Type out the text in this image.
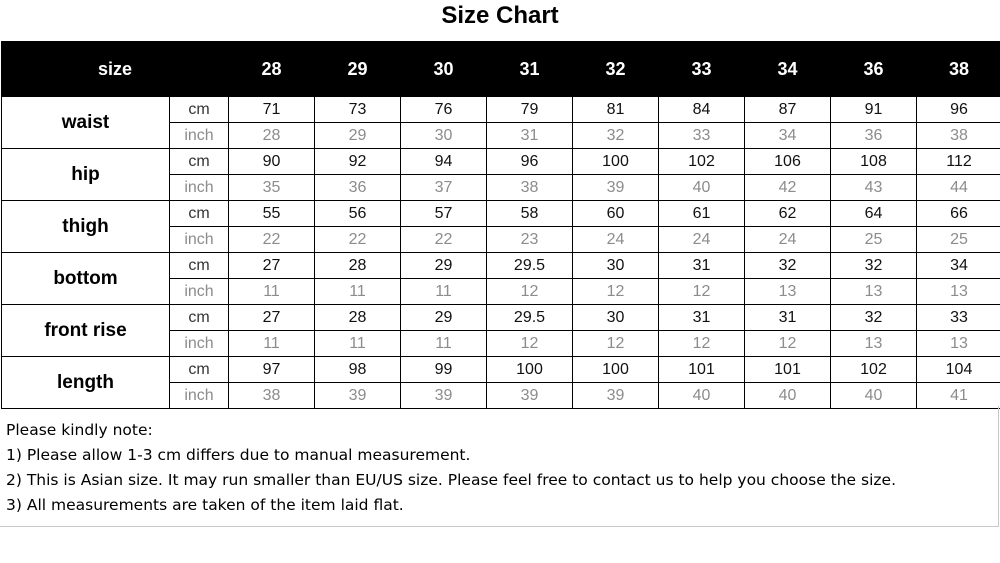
Size Chart
size		28	29	30	31	32	33	34	36	38
waist	cm	71	73	76	79	81	84	87	91	96
	inch	28	29	30	31	32	33	34	36	38
hip	cm	90	92	94	96	100	102	106	108	112
	inch	35	36	37	38	39	40	42	43	44
thigh	cm	55	56	57	58	60	61	62	64	66
	inch	22	22	22	23	24	24	24	25	25
bottom	cm	27	28	29	29.5	30	31	32	32	34
	inch	11	11	11	12	12	12	13	13	13
front rise	cm	27	28	29	29.5	30	31	31	32	33
	inch	11	11	11	12	12	12	12	13	13
length	cm	97	98	99	100	100	101	101	102	104
	inch	38	39	39	39	39	40	40	40	41
Please kindly note:
1) Please allow 1-3 cm differs due to manual measurement.
2) This is Asian size. It may run smaller than EU/US size. Please feel free to contact us to help you choose the size.
3) All measurements are taken of the item laid flat.
